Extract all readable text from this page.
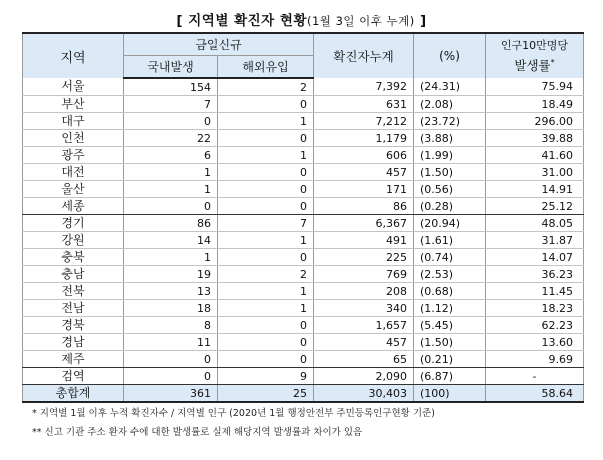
[ 지역별 확진자 현황(1월 3일 이후 누계) ]
지역	금일신규		확진자누계	(%)	인구10만명당
발생률*

	국내발생	해외유입			
서울	154	2	7,392	(24.31)	75.94
부산	7	0	631	(2.08)	18.49
대구	0	1	7,212	(23.72)	296.00
인천	22	0	1,179	(3.88)	39.88
광주	6	1	606	(1.99)	41.60
대전	1	0	457	(1.50)	31.00
울산	1	0	171	(0.56)	14.91
세종	0	0	86	(0.28)	25.12
경기	86	7	6,367	(20.94)	48.05
강원	14	1	491	(1.61)	31.87
충북	1	0	225	(0.74)	14.07
충남	19	2	769	(2.53)	36.23
전북	13	1	208	(0.68)	11.45
전남	18	1	340	(1.12)	18.23
경북	8	0	1,657	(5.45)	62.23
경남	11	0	457	(1.50)	13.60
제주	0	0	65	(0.21)	9.69
검역	0	9	2,090	(6.87)	-
총합계	361	25	30,403	(100)	58.64
* 지역별 1월 이후 누적 확진자수 / 지역별 인구 (2020년 1월 행정안전부 주민등록인구현황 기준)
** 신고 기관 주소 환자 수에 대한 발생률로 실제 해당지역 발생률과 차이가 있음
